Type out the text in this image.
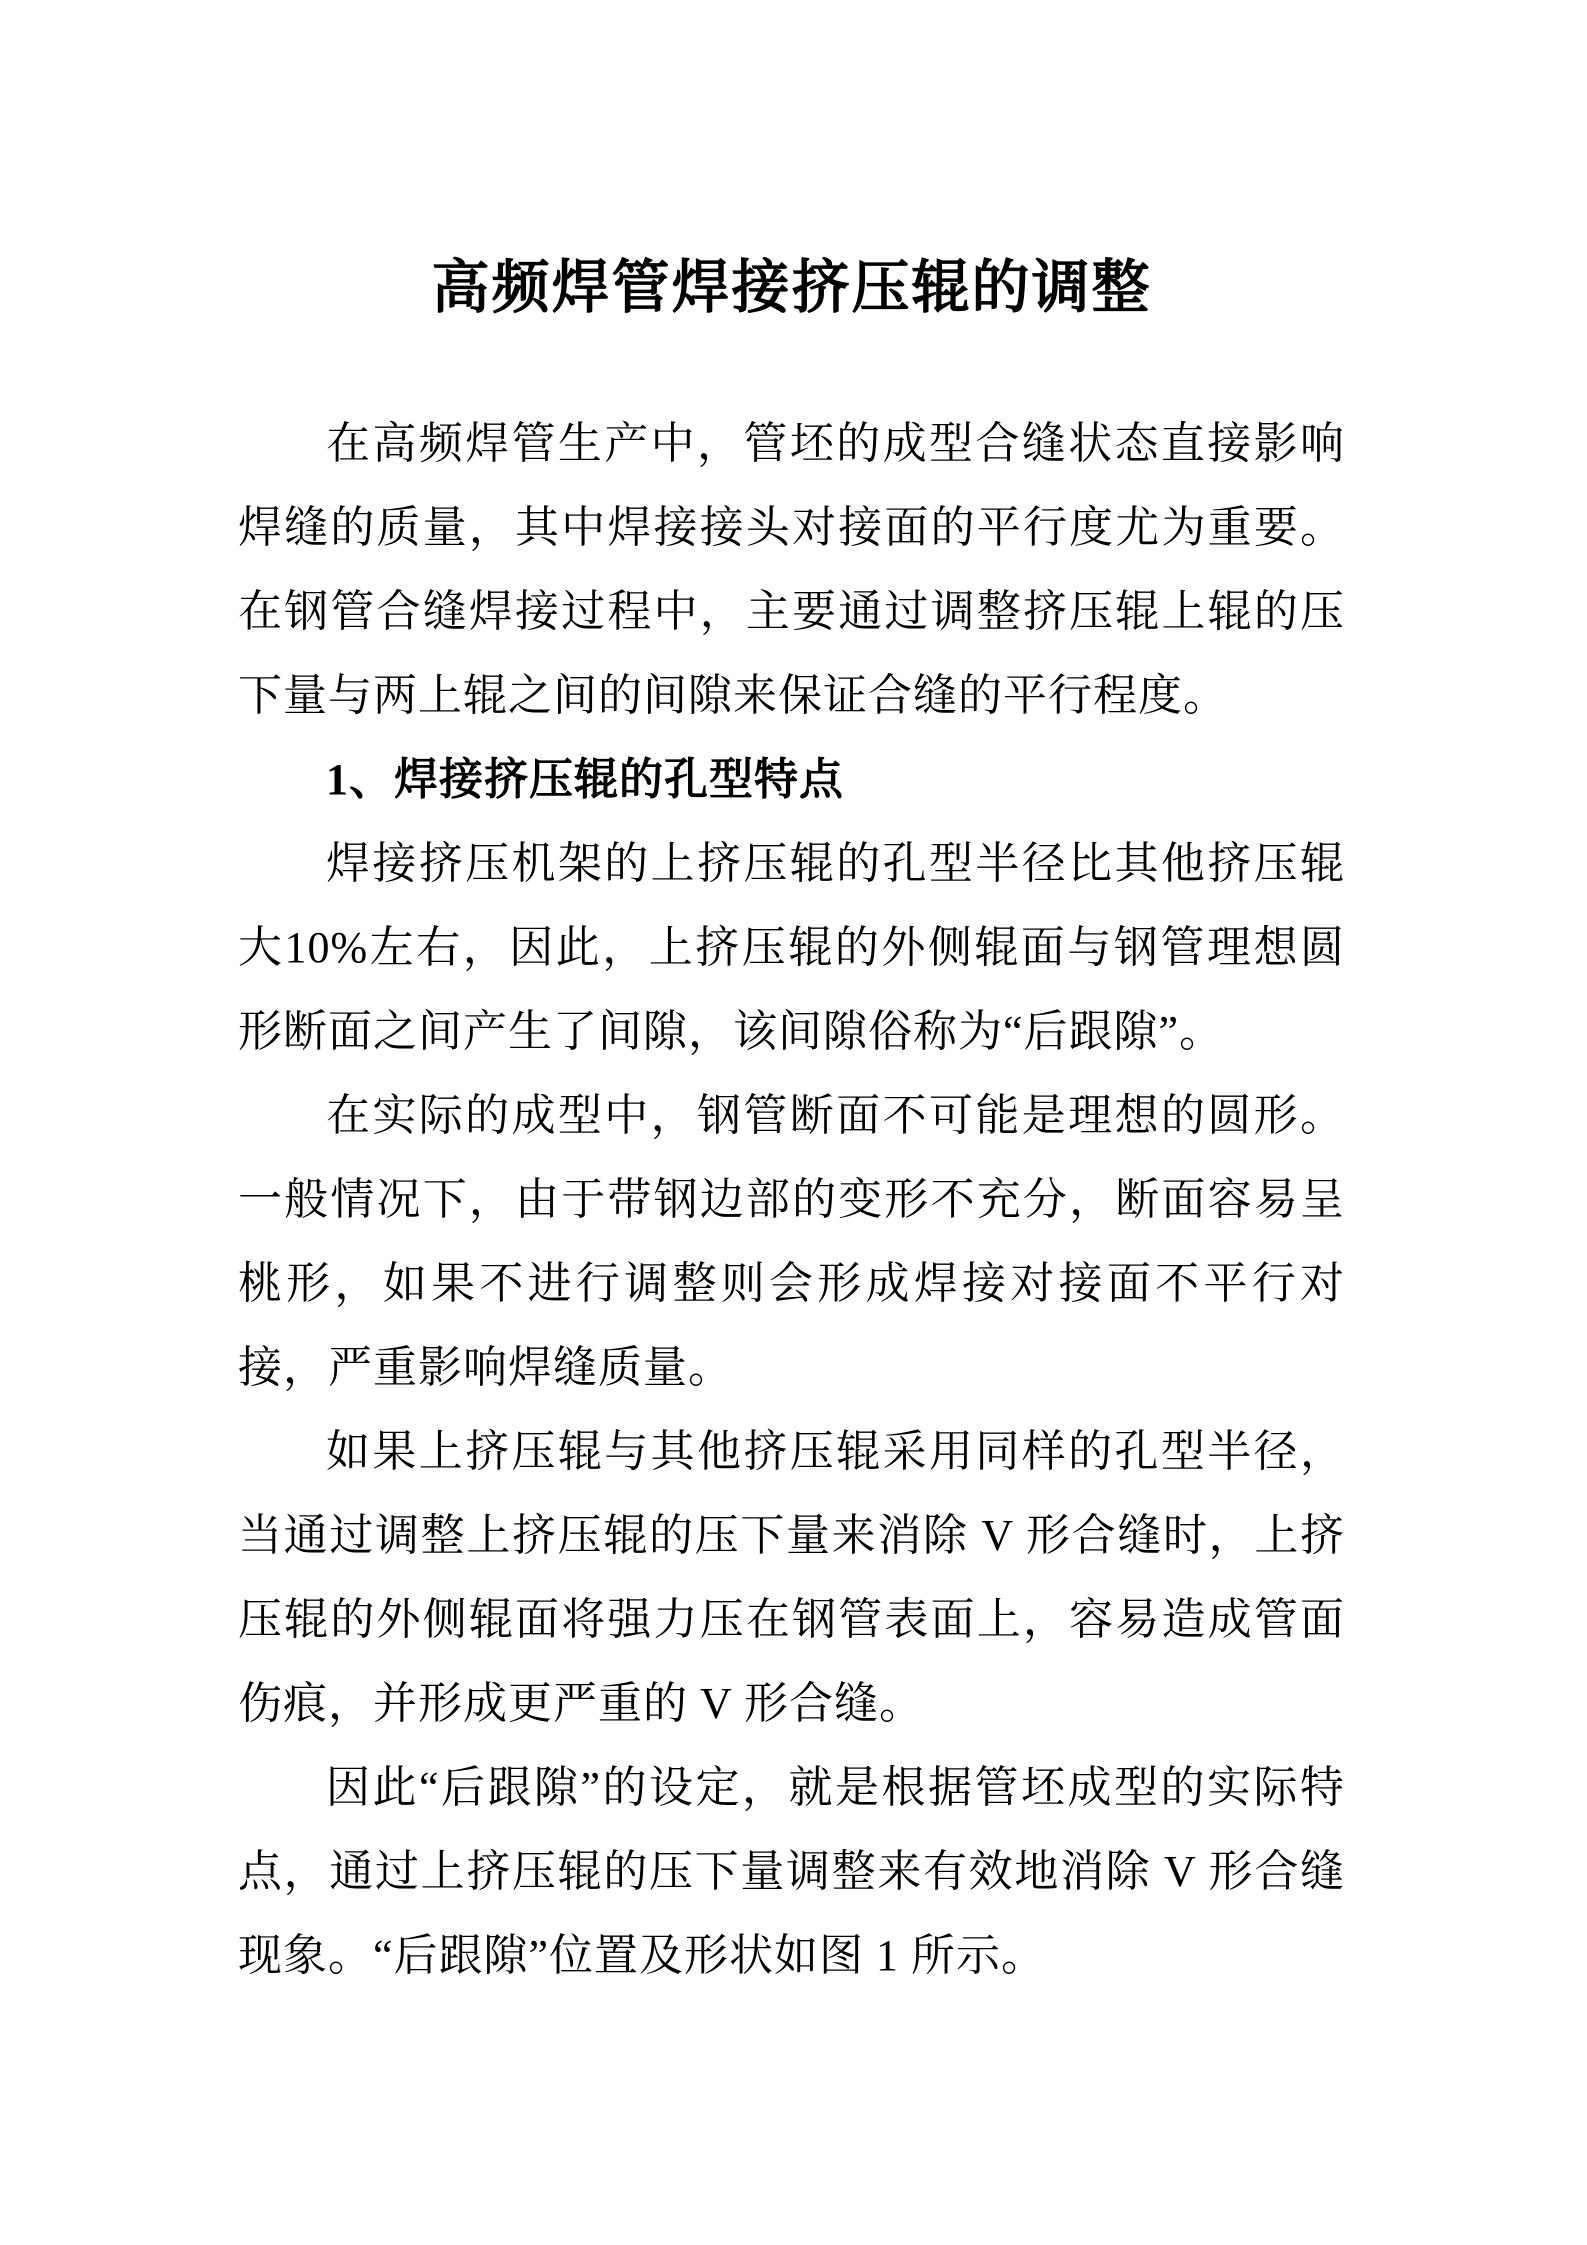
高频焊管焊接挤压辊的调整

在高频焊管生产中，管坯的成型合缝状态直接影响焊缝的质量，其中焊接接头对接面的平行度尤为重要。在钢管合缝焊接过程中，主要通过调整挤压辊上辊的压下量与两上辊之间的间隙来保证合缝的平行程度。

1、焊接挤压辊的孔型特点

焊接挤压机架的上挤压辊的孔型半径比其他挤压辊大10%左右，因此，上挤压辊的外侧辊面与钢管理想圆形断面之间产生了间隙，该间隙俗称为“后跟隙”。

在实际的成型中，钢管断面不可能是理想的圆形。一般情况下，由于带钢边部的变形不充分，断面容易呈桃形，如果不进行调整则会形成焊接对接面不平行对接，严重影响焊缝质量。

如果上挤压辊与其他挤压辊采用同样的孔型半径，当通过调整上挤压辊的压下量来消除 V 形合缝时，上挤压辊的外侧辊面将强力压在钢管表面上，容易造成管面伤痕，并形成更严重的 V 形合缝。

因此“后跟隙”的设定，就是根据管坯成型的实际特点，通过上挤压辊的压下量调整来有效地消除 V 形合缝现象。“后跟隙”位置及形状如图 1 所示。
